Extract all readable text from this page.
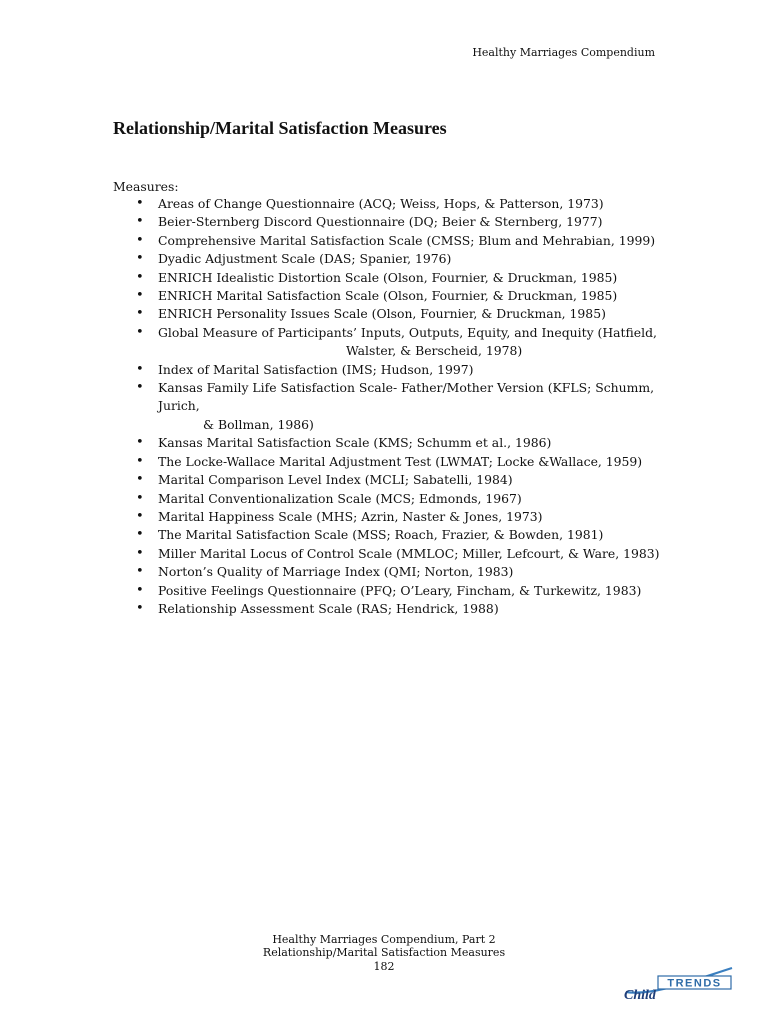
Healthy Marriages Compendium
Relationship/Marital Satisfaction Measures
Measures:
• Areas of Change Questionnaire (ACQ; Weiss, Hops, & Patterson, 1973)
• Beier-Sternberg Discord Questionnaire (DQ; Beier & Sternberg, 1977)
• Comprehensive Marital Satisfaction Scale (CMSS; Blum and Mehrabian, 1999)
• Dyadic Adjustment Scale (DAS; Spanier, 1976)
• ENRICH Idealistic Distortion Scale (Olson, Fournier, & Druckman, 1985)
• ENRICH Marital Satisfaction Scale (Olson, Fournier, & Druckman, 1985)
• ENRICH Personality Issues Scale (Olson, Fournier, & Druckman, 1985)
• Global Measure of Participants’ Inputs, Outputs, Equity, and Inequity (Hatfield,
Walster, & Berscheid, 1978)
• Index of Marital Satisfaction (IMS; Hudson, 1997)
• Kansas Family Life Satisfaction Scale- Father/Mother Version (KFLS; Schumm,
Jurich,
& Bollman, 1986)
• Kansas Marital Satisfaction Scale (KMS; Schumm et al., 1986)
• The Locke-Wallace Marital Adjustment Test (LWMAT; Locke &Wallace, 1959)
• Marital Comparison Level Index (MCLI; Sabatelli, 1984)
• Marital Conventionalization Scale (MCS; Edmonds, 1967)
• Marital Happiness Scale (MHS; Azrin, Naster & Jones, 1973)
• The Marital Satisfaction Scale (MSS; Roach, Frazier, & Bowden, 1981)
• Miller Marital Locus of Control Scale (MMLOC; Miller, Lefcourt, & Ware, 1983)
• Norton’s Quality of Marriage Index (QMI; Norton, 1983)
• Positive Feelings Questionnaire (PFQ; O’Leary, Fincham, & Turkewitz, 1983)
• Relationship Assessment Scale (RAS; Hendrick, 1988)
Healthy Marriages Compendium, Part 2
Relationship/Marital Satisfaction Measures
182
TRENDS
Child
